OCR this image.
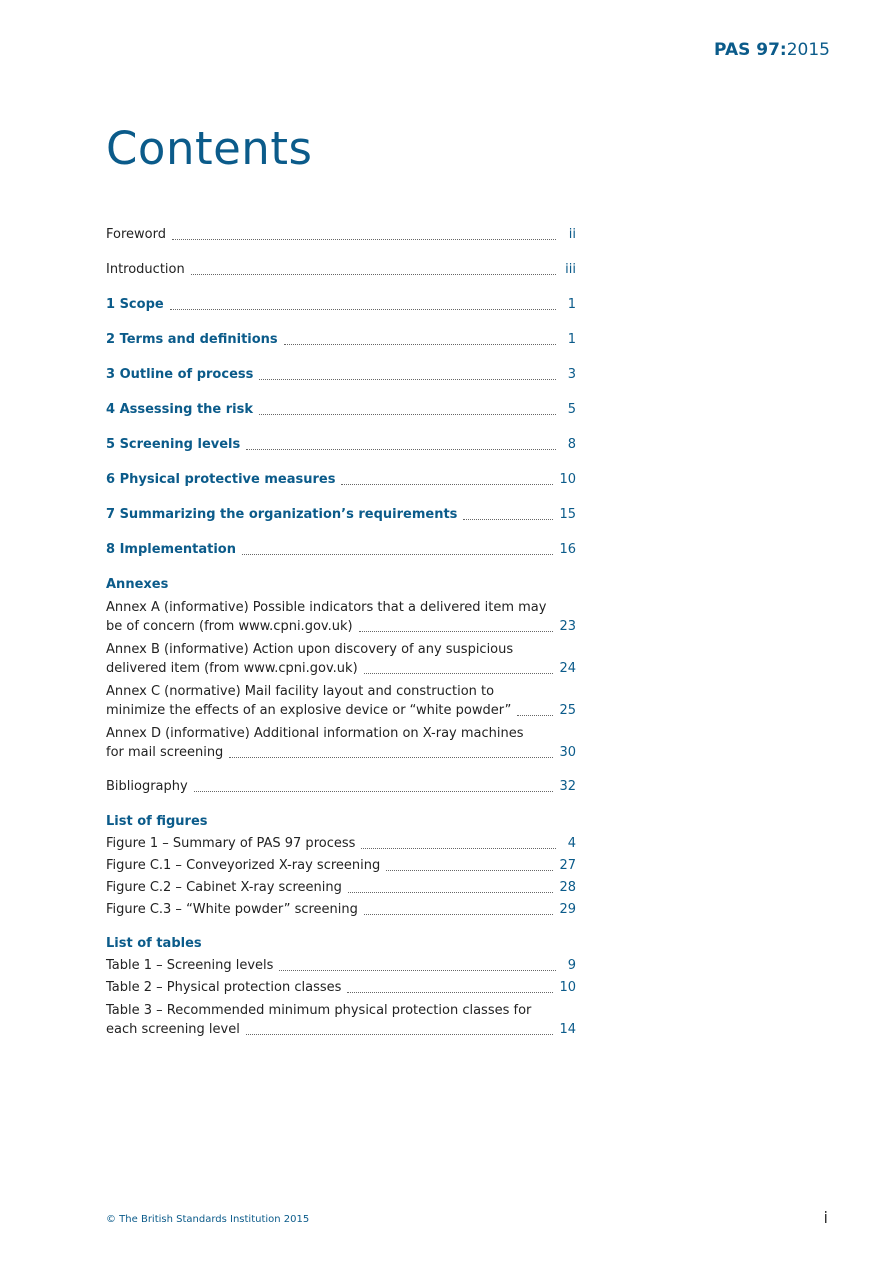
PAS 97:2015
Contents
Foreword	ii
Introduction	iii
1 Scope	1
2 Terms and definitions	1
3 Outline of process	3
4 Assessing the risk	5
5 Screening levels	8
6 Physical protective measures	10
7 Summarizing the organization’s requirements	15
8 Implementation	16
Annexes
Annex A (informative) Possible indicators that a delivered item may
be of concern (from www.cpni.gov.uk)	23
Annex B (informative) Action upon discovery of any suspicious
delivered item (from www.cpni.gov.uk)	24
Annex C (normative) Mail facility layout and construction to
minimize the effects of an explosive device or “white powder”	25
Annex D (informative) Additional information on X-ray machines
for mail screening	30
Bibliography	32
List of figures
Figure 1 – Summary of PAS 97 process	4
Figure C.1 – Conveyorized X-ray screening	27
Figure C.2 – Cabinet X-ray screening	28
Figure C.3 – “White powder” screening	29
List of tables
Table 1 – Screening levels	9
Table 2 – Physical protection classes	10
Table 3 – Recommended minimum physical protection classes for
each screening level	14
© The British Standards Institution 2015	i
